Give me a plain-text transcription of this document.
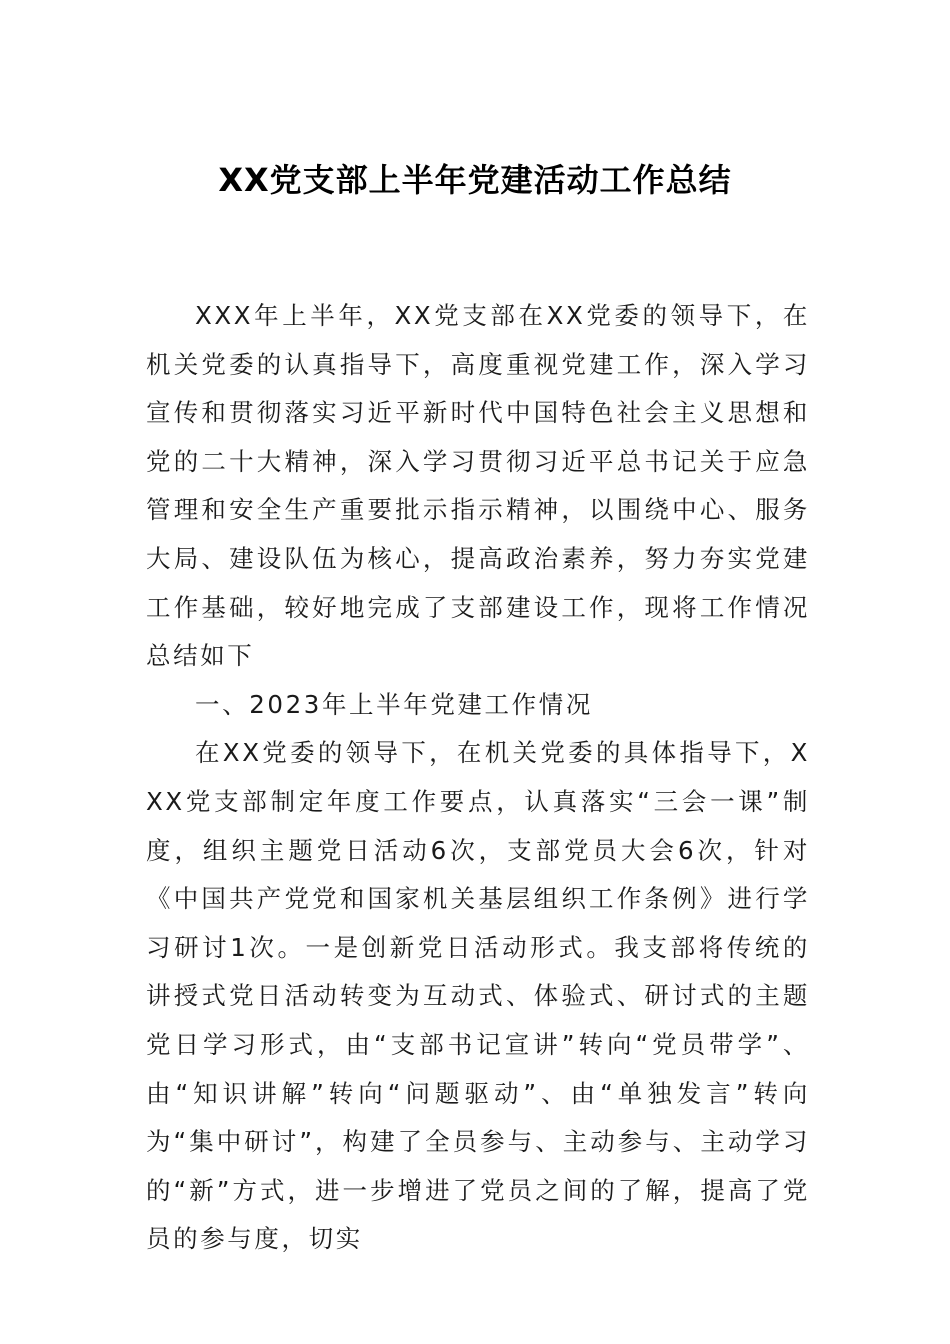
XX党支部上半年党建活动工作总结

XXX年上半年，XX党支部在XX党委的领导下，在机关党委的认真指导下，高度重视党建工作，深入学习宣传和贯彻落实习近平新时代中国特色社会主义思想和党的二十大精神，深入学习贯彻习近平总书记关于应急管理和安全生产重要批示指示精神，以围绕中心、服务大局、建设队伍为核心，提高政治素养，努力夯实党建工作基础，较好地完成了支部建设工作，现将工作情况总结如下

一、2023年上半年党建工作情况

在XX党委的领导下，在机关党委的具体指导下，XXX党支部制定年度工作要点，认真落实“三会一课”制度，组织主题党日活动6次，支部党员大会6次，针对《中国共产党党和国家机关基层组织工作条例》进行学习研讨1次。一是创新党日活动形式。我支部将传统的讲授式党日活动转变为互动式、体验式、研讨式的主题党日学习形式，由“支部书记宣讲”转向“党员带学”、由“知识讲解”转向“问题驱动”、由“单独发言”转向为“集中研讨”，构建了全员参与、主动参与、主动学习的“新”方式，进一步增进了党员之间的了解，提高了党员的参与度，切实
